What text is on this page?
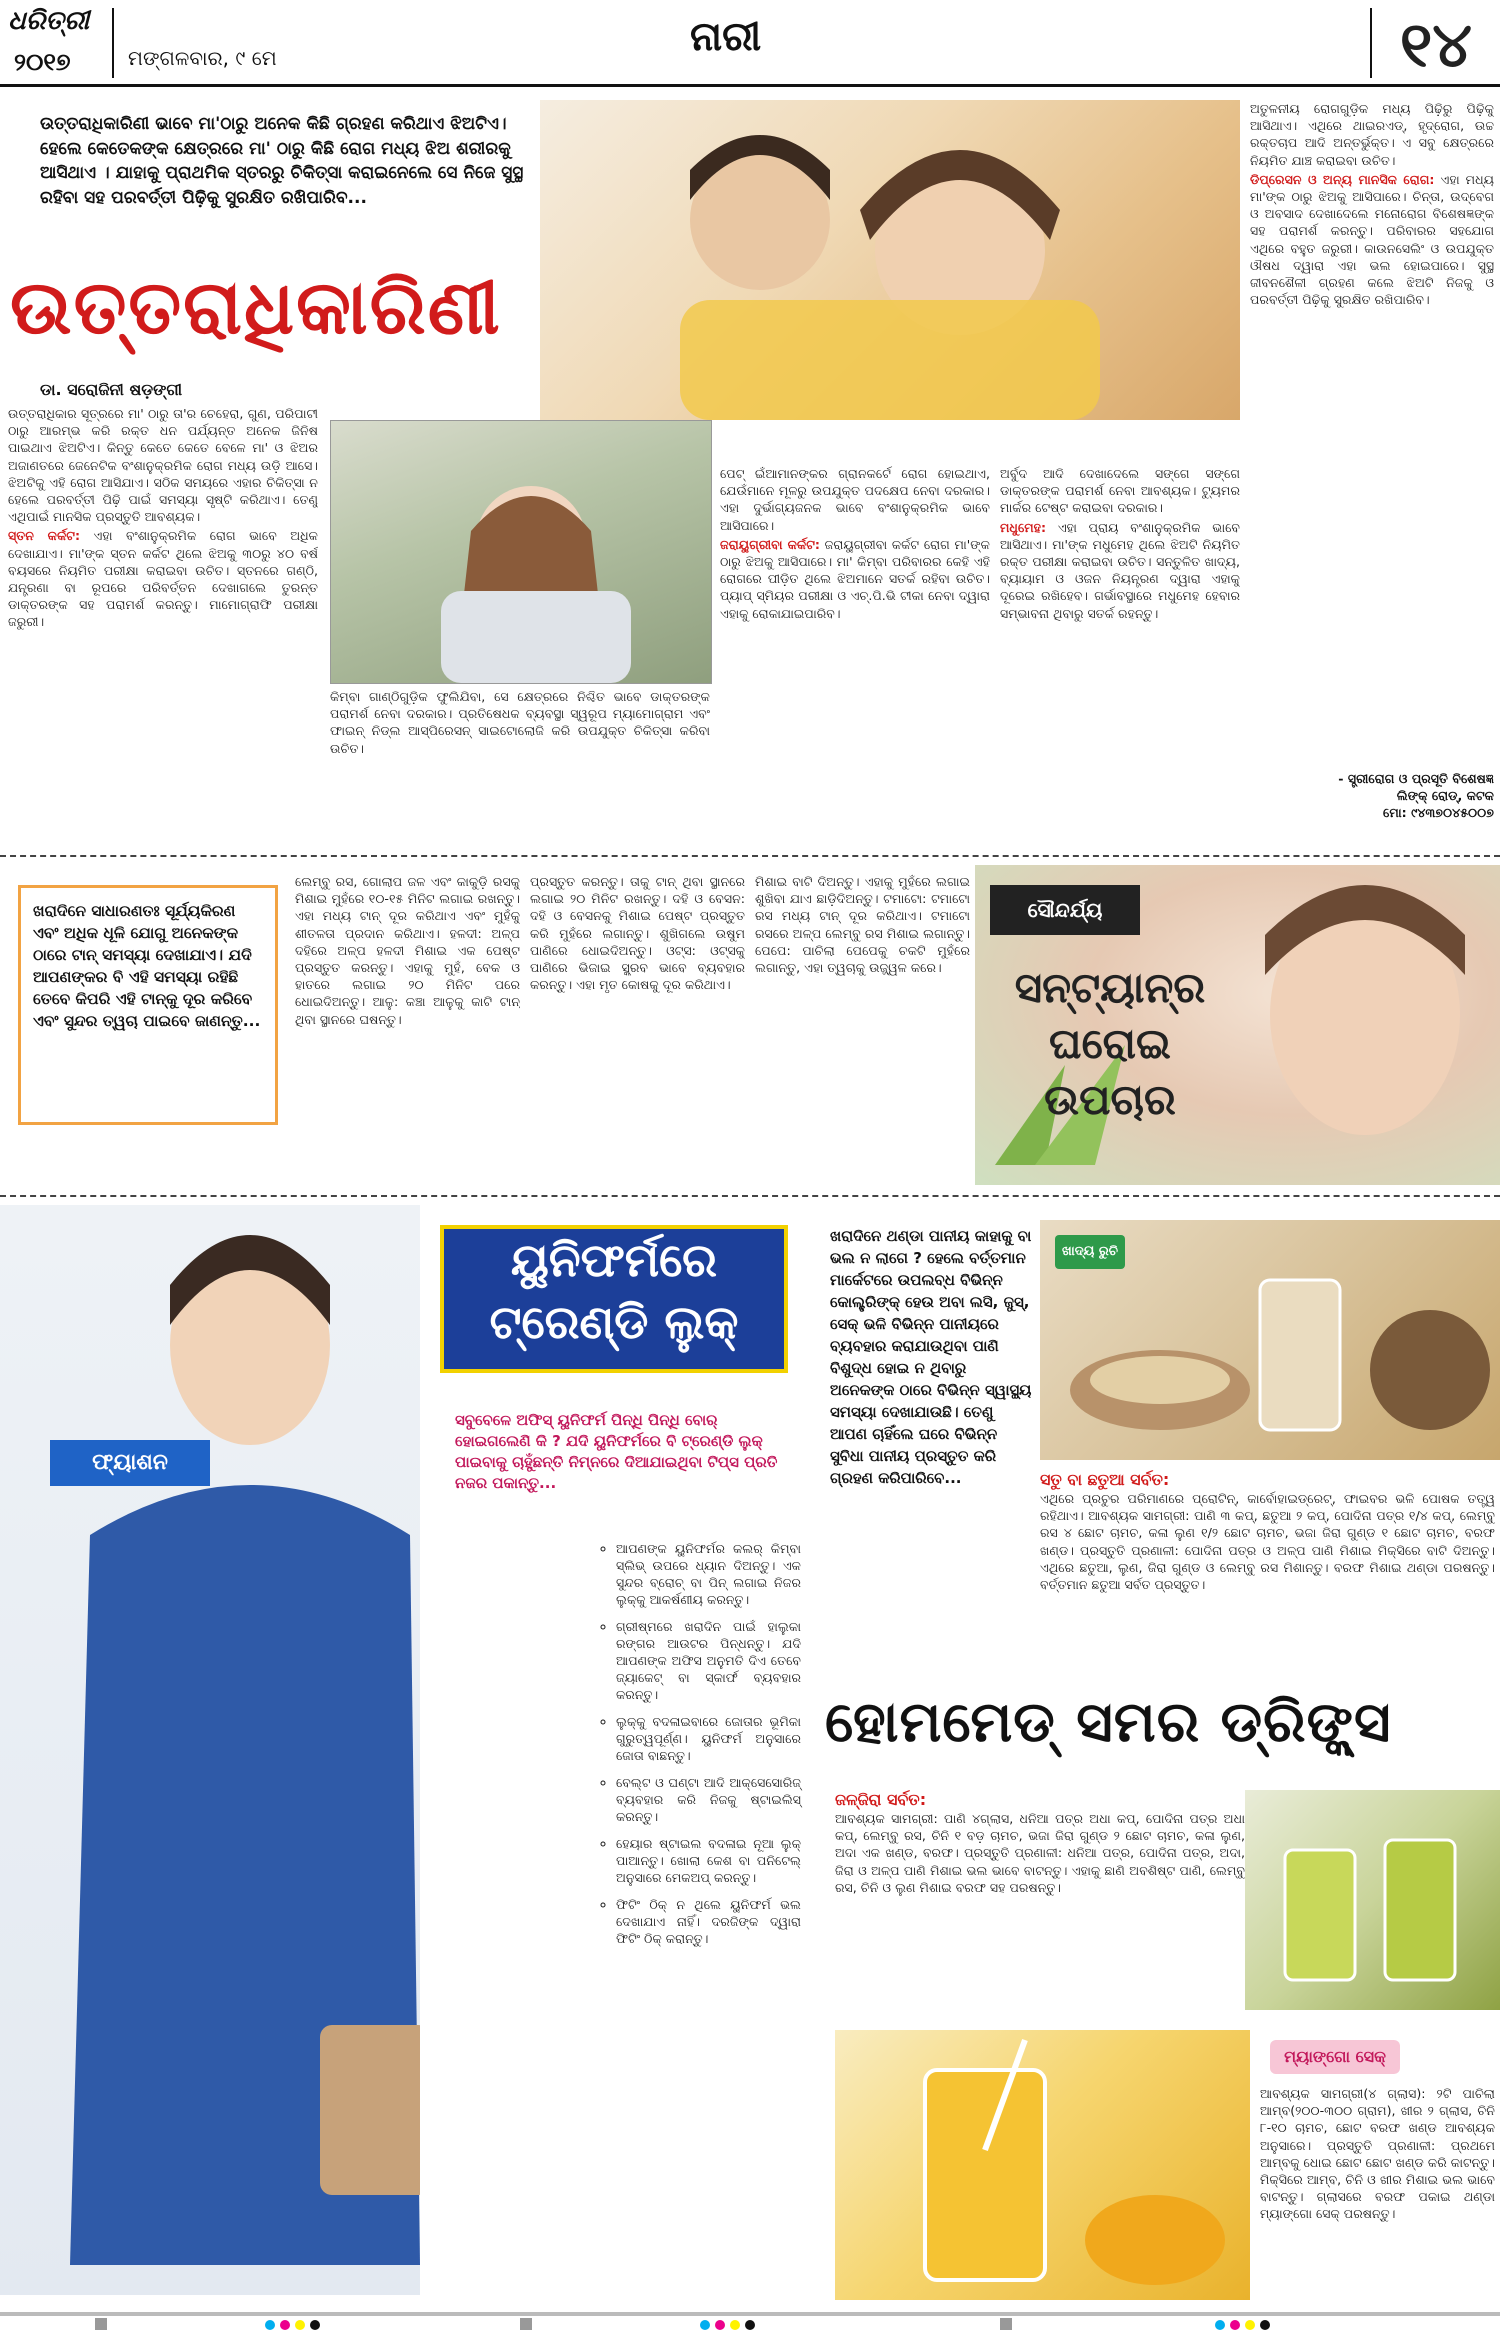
ଧରିତ୍ରୀ
୨୦୧୭	ମଙ୍ଗଳବାର, ୯ ମେ	ନାରୀ	୧୪
ଉତ୍ତରାଧିକାରିଣୀ ଭାବେ ମା'ଠାରୁ ଅନେକ କିଛି ଗ୍ରହଣ କରିଥାଏ ଝିଅଟିଏ। ହେଲେ କେତେକଙ୍କ କ୍ଷେତ୍ରରେ ମା' ଠାରୁ କିଛି ରୋଗ ମଧ୍ୟ ଝିଅ ଶରୀରକୁ ଆସିଥାଏ । ଯାହାକୁ ପ୍ରାଥମିକ ସ୍ତରରୁ ଚିକିତ୍ସା କରାଇନେଲେ ସେ ନିଜେ ସୁସ୍ଥ ରହିବା ସହ ପରବର୍ତ୍ତୀ ପିଢ଼ିକୁ ସୁରକ୍ଷିତ ରଖିପାରିବ...
ଉତ୍ତରାଧିକାରିଣୀ
ଡା. ସରୋଜିନୀ ଷଡ଼ଙ୍ଗୀ

ଉତ୍ତରାଧିକାର ସୂତ୍ରରେ ମା' ଠାରୁ ତା'ର ଚେହେରା, ଗୁଣ, ପରିପାଟୀ ଠାରୁ ଆରମ୍ଭ କରି ରକ୍ତ ଧନ ପର୍ଯ୍ୟନ୍ତ ଅନେକ ଜିନିଷ ପାଇଥାଏ ଝିଅଟିଏ। କିନ୍ତୁ କେତେ କେତେ ବେଳେ ମା' ଓ ଝିଅର ଅଜାଣତରେ ଜେନେଟିକ ବଂଶାନୁକ୍ରମିକ ରୋଗ ମଧ୍ୟ ଉଡ଼ି ଆସେ। ଝିଅଟିକୁ ଏହି ରୋଗ ଆସିଯାଏ। ସଠିକ ସମୟରେ ଏହାର ଚିକିତ୍ସା ନ ହେଲେ ପରବର୍ତ୍ତୀ ପିଢ଼ି ପାଇଁ ସମସ୍ୟା ସୃଷ୍ଟି କରିଥାଏ। ତେଣୁ ଏଥିପାଇଁ ମାନସିକ ପ୍ରସ୍ତୁତି ଆବଶ୍ୟକ।

ସ୍ତନ କର୍କଟ: ଏହା ବଂଶାନୁକ୍ରମିକ ରୋଗ ଭାବେ ଅଧିକ ଦେଖାଯାଏ। ମା'ଙ୍କ ସ୍ତନ କର୍କଟ ଥିଲେ ଝିଅକୁ ୩୦ରୁ ୪୦ ବର୍ଷ ବୟସରେ ନିୟମିତ ପରୀକ୍ଷା କରାଇବା ଉଚିତ। ସ୍ତନରେ ଗଣ୍ଠି, ଯନ୍ତ୍ରଣା ବା ରୂପରେ ପରିବର୍ତ୍ତନ ଦେଖାଗଲେ ତୁରନ୍ତ ଡାକ୍ତରଙ୍କ ସହ ପରାମର୍ଶ କରନ୍ତୁ। ମାମୋଗ୍ରାଫି ପରୀକ୍ଷା ଜରୁରୀ।

କିମ୍ବା ଗାଣ୍ଠିଗୁଡ଼ିକ ଫୁଲିଯିବା, ସେ କ୍ଷେତ୍ରରେ ନିଶ୍ଚିତ ଭାବେ ଡାକ୍ତରଙ୍କ ପରାମର୍ଶ ନେବା ଦରକାର। ପ୍ରତିଷେଧକ ବ୍ୟବସ୍ଥା ସ୍ୱରୂପ ମ୍ୟାମୋଗ୍ରାମ ଏବଂ ଫାଇନ୍ ନିଡ୍ଲ ଆସ୍ପିରେସନ୍ ସାଇଟୋଲୋଜି କରି ଉପଯୁକ୍ତ ଚିକିତ୍ସା କରିବା ଉଚିତ।

ପେଟ୍ ଇଁଆମାନଙ୍କର ଗ୍ରାନକର୍ଟେ ରୋଗ ହୋଇଥାଏ, ଯେଉଁମାନେ ମୂଳରୁ ଉପଯୁକ୍ତ ପଦକ୍ଷେପ ନେବା ଦରକାର। ଏହା ଦୁର୍ଭାଗ୍ୟଜନକ ଭାବେ ବଂଶାନୁକ୍ରମିକ ଭାବେ ଆସିପାରେ।

ଜରାୟୁଗ୍ରୀବା କର୍କଟ: ଜରାୟୁଗ୍ରୀବା କର୍କଟ ରୋଗ ମା'ଙ୍କ ଠାରୁ ଝିଅକୁ ଆସିପାରେ। ମା' କିମ୍ବା ପରିବାରର କେହି ଏହି ରୋଗରେ ପୀଡ଼ିତ ଥିଲେ ଝିଅମାନେ ସତର୍କ ରହିବା ଉଚିତ। ପ୍ୟାପ୍ ସ୍ମିୟର ପରୀକ୍ଷା ଓ ଏଚ୍.ପି.ଭି ଟୀକା ନେବା ଦ୍ୱାରା ଏହାକୁ ରୋକାଯାଇପାରିବ।

ଅର୍ବୁଦ ଆଦି ଦେଖାଦେଲେ ସଙ୍ଗେ ସଙ୍ଗେ ଡାକ୍ତରଙ୍କ ପରାମର୍ଶ ନେବା ଆବଶ୍ୟକ। ଟ୍ୟୁମର ମାର୍କର ଟେଷ୍ଟ କରାଇବା ଦରକାର।

ମଧୁମେହ: ଏହା ପ୍ରାୟ ବଂଶାନୁକ୍ରମିକ ଭାବେ ଆସିଥାଏ। ମା'ଙ୍କ ମଧୁମେହ ଥିଲେ ଝିଅଟି ନିୟମିତ ରକ୍ତ ପରୀକ୍ଷା କରାଇବା ଉଚିତ। ସନ୍ତୁଳିତ ଖାଦ୍ୟ, ବ୍ୟାୟାମ ଓ ଓଜନ ନିୟନ୍ତ୍ରଣ ଦ୍ୱାରା ଏହାକୁ ଦୂରେଇ ରଖିହେବ। ଗର୍ଭାବସ୍ଥାରେ ମଧୁମେହ ହେବାର ସମ୍ଭାବନା ଥିବାରୁ ସତର୍କ ରହନ୍ତୁ।

ଅତୁଳନୀୟ ରୋଗଗୁଡ଼ିକ ମଧ୍ୟ ପିଢ଼ିରୁ ପିଢ଼ିକୁ ଆସିଥାଏ। ଏଥିରେ ଥାଇରଏଡ୍, ହୃଦ୍‌ରୋଗ, ଉଚ୍ଚ ରକ୍ତଚାପ ଆଦି ଅନ୍ତର୍ଭୁକ୍ତ। ଏ ସବୁ କ୍ଷେତ୍ରରେ ନିୟମିତ ଯାଞ୍ଚ କରାଇବା ଉଚିତ।

ଡିପ୍ରେସନ ଓ ଅନ୍ୟ ମାନସିକ ରୋଗ: ଏହା ମଧ୍ୟ ମା'ଙ୍କ ଠାରୁ ଝିଅକୁ ଆସିପାରେ। ଚିନ୍ତା, ଉଦ୍‌ବେଗ ଓ ଅବସାଦ ଦେଖାଦେଲେ ମନୋରୋଗ ବିଶେଷଜ୍ଞଙ୍କ ସହ ପରାମର୍ଶ କରନ୍ତୁ। ପରିବାରର ସହଯୋଗ ଏଥିରେ ବହୁତ ଜରୁରୀ। କାଉନସେଲିଂ ଓ ଉପଯୁକ୍ତ ଔଷଧ ଦ୍ୱାରା ଏହା ଭଲ ହୋଇପାରେ। ସୁସ୍ଥ ଜୀବନଶୈଳୀ ଗ୍ରହଣ କଲେ ଝିଅଟି ନିଜକୁ ଓ ପରବର୍ତ୍ତୀ ପିଢ଼ିକୁ ସୁରକ୍ଷିତ ରଖିପାରିବ।

- ସ୍ତ୍ରୀରୋଗ ଓ ପ୍ରସୂତି ବିଶେଷଜ୍ଞ
ଲିଙ୍କ୍ ରୋଡ୍, କଟକ
ମୋ: ୯୪୩୭୦୪୫୦୦୭
ଖରାଦିନେ ସାଧାରଣତଃ ସୂର୍ଯ୍ୟକିରଣ ଏବଂ ଅଧିକ ଧୂଳି ଯୋଗୁ ଅନେକଙ୍କ ଠାରେ ଟାନ୍ ସମସ୍ୟା ଦେଖାଯାଏ। ଯଦି ଆପଣଙ୍କର ବି ଏହି ସମସ୍ୟା ରହିଛି ତେବେ କିପରି ଏହି ଟାନ୍‌କୁ ଦୂର କରିବେ ଏବଂ ସୁନ୍ଦର ତ୍ୱଚା ପାଇବେ ଜାଣନ୍ତୁ...

ଲେମ୍ବୁ ରସ, ଗୋଲାପ ଜଳ ଏବଂ କାକୁଡ଼ି ରସକୁ ମିଶାଇ ମୁହଁରେ ୧୦-୧୫ ମିନିଟ ଲଗାଇ ରଖନ୍ତୁ। ଏହା ମଧ୍ୟ ଟାନ୍ ଦୂର କରିଥାଏ ଏବଂ ମୁହଁକୁ ଶୀତଳତା ପ୍ରଦାନ କରିଥାଏ। ହଳଦୀ: ଅଳ୍ପ ଦହିରେ ଅଳ୍ପ ହଳଦୀ ମିଶାଇ ଏକ ପେଷ୍ଟ ପ୍ରସ୍ତୁତ କରନ୍ତୁ। ଏହାକୁ ମୁହଁ, ବେକ ଓ ହାତରେ ଲଗାଇ ୨୦ ମିନିଟ ପରେ ଧୋଇଦିଅନ୍ତୁ। ଆଳୁ: କଞ୍ଚା ଆଳୁକୁ କାଟି ଟାନ୍ ଥିବା ସ୍ଥାନରେ ଘଷନ୍ତୁ।

ପ୍ରସ୍ତୁତ କରନ୍ତୁ। ତାକୁ ଟାନ୍ ଥିବା ସ୍ଥାନରେ ଲଗାଇ ୨୦ ମିନିଟ ରଖନ୍ତୁ। ଦହି ଓ ବେସନ: ଦହି ଓ ବେସନକୁ ମିଶାଇ ପେଷ୍ଟ ପ୍ରସ୍ତୁତ କରି ମୁହଁରେ ଲଗାନ୍ତୁ। ଶୁଖିଗଲେ ଉଷୁମ ପାଣିରେ ଧୋଇଦିଅନ୍ତୁ। ଓଟ୍ସ: ଓଟ୍ସକୁ ପାଣିରେ ଭିଜାଇ ସ୍କ୍ରବ ଭାବେ ବ୍ୟବହାର କରନ୍ତୁ। ଏହା ମୃତ କୋଷକୁ ଦୂର କରିଥାଏ।

ମିଶାଇ ବାଟି ଦିଅନ୍ତୁ। ଏହାକୁ ମୁହଁରେ ଲଗାଇ ଶୁଖିବା ଯାଏ ଛାଡ଼ିଦିଅନ୍ତୁ। ଟମାଟୋ: ଟମାଟୋ ରସ ମଧ୍ୟ ଟାନ୍ ଦୂର କରିଥାଏ। ଟମାଟୋ ରସରେ ଅଳ୍ପ ଲେମ୍ବୁ ରସ ମିଶାଇ ଲଗାନ୍ତୁ। ପେପେ: ପାଚିଲା ପେପେକୁ ଚକଟି ମୁହଁରେ ଲଗାନ୍ତୁ, ଏହା ତ୍ୱଚାକୁ ଉଜ୍ଜ୍ୱଳ କରେ।

ସୌନ୍ଦର୍ଯ୍ୟ
ସନ୍‌ଟ୍ୟାନ୍‌ର
ଘରୋଇ
ଉପଚାର
ୟୁନିଫର୍ମରେ
ଟ୍ରେଣ୍ଡି ଲୁକ୍
ଫ୍ୟାଶନ
ସବୁବେଳେ ଅଫିସ୍ ୟୁନିଫର୍ମ ପିନ୍ଧି ପିନ୍ଧି ବୋର୍ ହୋଇଗଲେଣି କି ? ଯଦି ୟୁନିଫର୍ମରେ ବି ଟ୍ରେଣ୍ଡି ଲୁକ୍ ପାଇବାକୁ ଚାହୁଁଛନ୍ତି ନିମ୍ନରେ ଦିଆଯାଇଥିବା ଟିପ୍ସ ପ୍ରତି ନଜର ପକାନ୍ତୁ...
◦ ଆପଣଙ୍କ ୟୁନିଫର୍ମର କଲର୍ କିମ୍ବା ସ୍ଲିଭ୍ ଉପରେ ଧ୍ୟାନ ଦିଅନ୍ତୁ। ଏକ ସୁନ୍ଦର ବ୍ରୋଚ୍ ବା ପିନ୍ ଲଗାଇ ନିଜର ଲୁକ୍‌କୁ ଆକର୍ଷଣୀୟ କରନ୍ତୁ।
◦ ଗ୍ରୀଷ୍ମରେ ଖରାଦିନ ପାଇଁ ହାଲୁକା ରଙ୍ଗର ଆଉଟର ପିନ୍ଧନ୍ତୁ। ଯଦି ଆପଣଙ୍କ ଅଫିସ ଅନୁମତି ଦିଏ ତେବେ ଜ୍ୟାକେଟ୍ ବା ସ୍କାର୍ଫ ବ୍ୟବହାର କରନ୍ତୁ।
◦ ଲୁକ୍‌କୁ ବଦଳାଇବାରେ ଜୋତାର ଭୂମିକା ଗୁରୁତ୍ୱପୂର୍ଣ୍ଣ। ୟୁନିଫର୍ମ ଅନୁସାରେ ଜୋତା ବାଛନ୍ତୁ।
◦ ବେଲ୍ଟ ଓ ଘଣ୍ଟା ଆଦି ଆକ୍ସେସୋରିଜ୍ ବ୍ୟବହାର କରି ନିଜକୁ ଷ୍ଟାଇଲିସ୍ କରନ୍ତୁ।
◦ ହେୟାର ଷ୍ଟାଇଲ ବଦଳାଇ ନୂଆ ଲୁକ୍ ପାଆନ୍ତୁ। ଖୋଲା କେଶ ବା ପନିଟେଲ୍ ଅନୁସାରେ ମେକଅପ୍ କରନ୍ତୁ।
◦ ଫିଟିଂ ଠିକ୍ ନ ଥିଲେ ୟୁନିଫର୍ମ ଭଲ ଦେଖାଯାଏ ନାହିଁ। ଦରଜିଙ୍କ ଦ୍ୱାରା ଫିଟିଂ ଠିକ୍ କରାନ୍ତୁ।
ଖରାଦିନେ ଥଣ୍ଡା ପାନୀୟ କାହାକୁ ବା ଭଲ ନ ଲାଗେ ? ହେଲେ ବର୍ତ୍ତମାନ ମାର୍କେଟରେ ଉପଲବ୍ଧ ବିଭିନ୍ନ କୋଲ୍ଡ୍ରିଙ୍କ୍ ହେଉ ଅବା ଲସି, ଜୁସ୍, ସେକ୍ ଭଳି ବିଭିନ୍ନ ପାନୀୟରେ ବ୍ୟବହାର କରାଯାଉଥିବା ପାଣି ବିଶୁଦ୍ଧ ହୋଇ ନ ଥିବାରୁ ଅନେକଙ୍କ ଠାରେ ବିଭିନ୍ନ ସ୍ୱାସ୍ଥ୍ୟ ସମସ୍ୟା ଦେଖାଯାଉଛି। ତେଣୁ ଆପଣ ଚାହିଁଲେ ଘରେ ବିଭିନ୍ନ ସୁବିଧା ପାନୀୟ ପ୍ରସ୍ତୁତ କରି ଗ୍ରହଣ କରିପାରିବେ...
ଖାଦ୍ୟ ରୁଚି
ସତୁ ବା ଛତୁଆ ସର୍ବତ:
ଏଥିରେ ପ୍ରଚୁର ପରିମାଣରେ ପ୍ରୋଟିନ୍, କାର୍ବୋହାଇଡ୍ରେଟ୍, ଫାଇବର ଭଳି ପୋଷକ ତତ୍ତ୍ୱ ରହିଥାଏ। ଆବଶ୍ୟକ ସାମଗ୍ରୀ: ପାଣି ୩ କପ୍, ଛତୁଆ ୨ କପ୍, ପୋଦିନା ପତ୍ର ୧/୪ କପ୍, ଲେମ୍ବୁ ରସ ୪ ଛୋଟ ଚାମଚ, କଳା ଲୁଣ ୧/୨ ଛୋଟ ଚାମଚ, ଭଜା ଜିରା ଗୁଣ୍ଡ ୧ ଛୋଟ ଚାମଚ, ବରଫ ଖଣ୍ଡ। ପ୍ରସ୍ତୁତି ପ୍ରଣାଳୀ: ପୋଦିନା ପତ୍ର ଓ ଅଳ୍ପ ପାଣି ମିଶାଇ ମିକ୍ସିରେ ବାଟି ଦିଅନ୍ତୁ। ଏଥିରେ ଛତୁଆ, ଲୁଣ, ଜିରା ଗୁଣ୍ଡ ଓ ଲେମ୍ବୁ ରସ ମିଶାନ୍ତୁ। ବରଫ ମିଶାଇ ଥଣ୍ଡା ପରଷନ୍ତୁ। ବର୍ତ୍ତମାନ ଛତୁଆ ସର୍ବତ ପ୍ରସ୍ତୁତ।
ହୋମମେଡ୍ ସମର ଡ୍ରିଙ୍କ୍ସ
ଜଳ୍‌ଜିରା ସର୍ବତ:
ଆବଶ୍ୟକ ସାମଗ୍ରୀ: ପାଣି ୪ଗ୍ଲାସ, ଧନିଆ ପତ୍ର ଅଧା କପ୍, ପୋଦିନା ପତ୍ର ଅଧା କପ୍, ଲେମ୍ବୁ ରସ, ଚିନି ୧ ବଡ଼ ଚାମଚ, ଭଜା ଜିରା ଗୁଣ୍ଡ ୨ ଛୋଟ ଚାମଚ, କଳା ଲୁଣ, ଅଦା ଏକ ଖଣ୍ଡ, ବରଫ। ପ୍ରସ୍ତୁତି ପ୍ରଣାଳୀ: ଧନିଆ ପତ୍ର, ପୋଦିନା ପତ୍ର, ଅଦା, ଜିରା ଓ ଅଳ୍ପ ପାଣି ମିଶାଇ ଭଲ ଭାବେ ବାଟନ୍ତୁ। ଏହାକୁ ଛାଣି ଅବଶିଷ୍ଟ ପାଣି, ଲେମ୍ବୁ ରସ, ଚିନି ଓ ଲୁଣ ମିଶାଇ ବରଫ ସହ ପରଷନ୍ତୁ।
ମ୍ୟାଙ୍ଗୋ ସେକ୍
ଆବଶ୍ୟକ ସାମଗ୍ରୀ(୪ ଗ୍ଲାସ): ୨ଟି ପାଚିଲା ଆମ୍ବ(୨୦୦-୩୦୦ ଗ୍ରାମ), ଖୀର ୨ ଗ୍ଲାସ, ଚିନି ୮-୧୦ ଚାମଚ, ଛୋଟ ବରଫ ଖଣ୍ଡ ଆବଶ୍ୟକ ଅନୁସାରେ। ପ୍ରସ୍ତୁତି ପ୍ରଣାଳୀ: ପ୍ରଥମେ ଆମ୍ବକୁ ଧୋଇ ଛୋଟ ଛୋଟ ଖଣ୍ଡ କରି କାଟନ୍ତୁ। ମିକ୍ସିରେ ଆମ୍ବ, ଚିନି ଓ ଖୀର ମିଶାଇ ଭଲ ଭାବେ ବାଟନ୍ତୁ। ଗ୍ଲାସରେ ବରଫ ପକାଇ ଥଣ୍ଡା ମ୍ୟାଙ୍ଗୋ ସେକ୍ ପରଷନ୍ତୁ।
